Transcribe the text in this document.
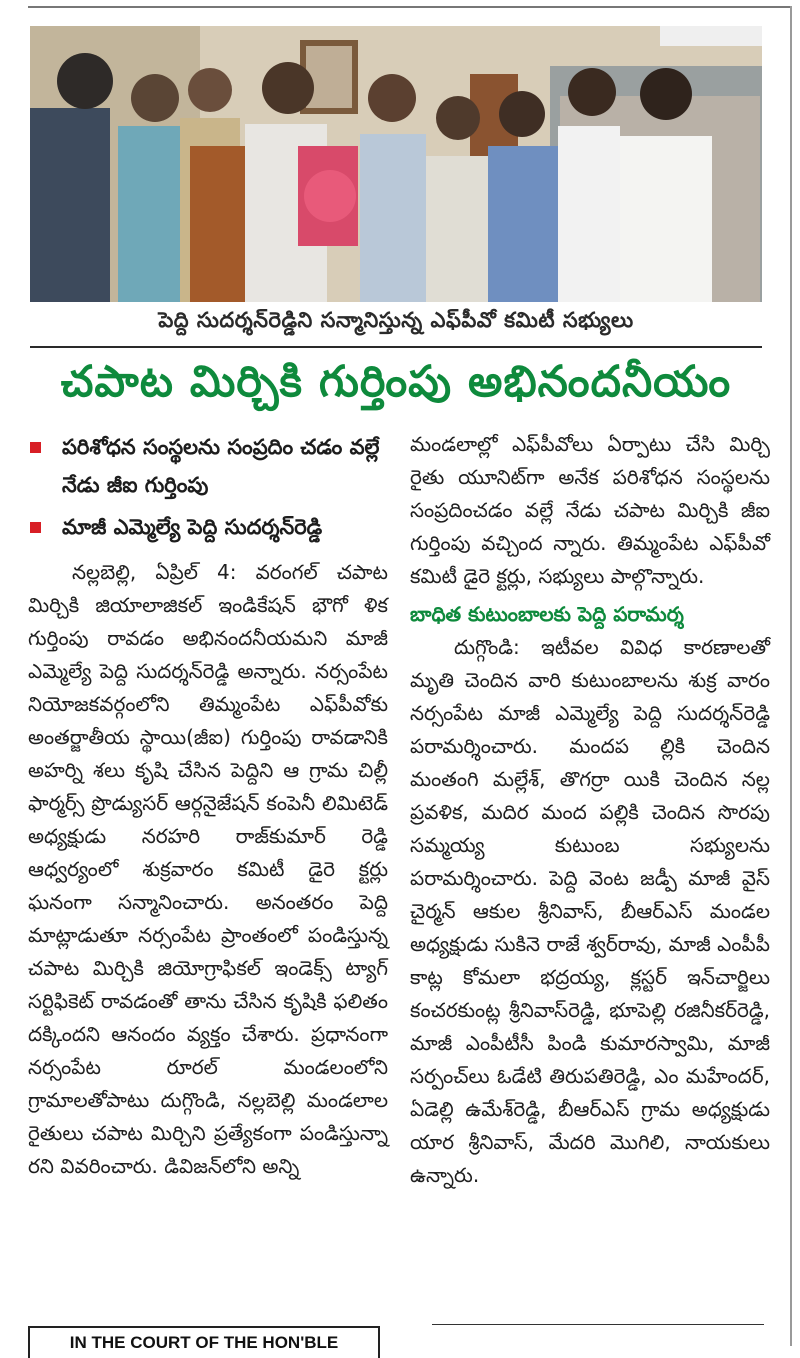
పెద్ది సుదర్శన్‌రెడ్డిని సన్మానిస్తున్న ఎఫ్‌పీవో కమిటీ సభ్యులు
చపాట మిర్చికి గుర్తింపు అభినందనీయం
పరిశోధన సంస్థలను సంప్రదిం చడం వల్లే నేడు జీఐ గుర్తింపు
మాజీ ఎమ్మెల్యే పెద్ది సుదర్శన్‌రెడ్డి

నల్లబెల్లి, ఏప్రిల్ 4: వరంగల్ చపాట మిర్చికి జియాలాజికల్ ఇండికేషన్ భౌగో ళిక గుర్తింపు రావడం అభినందనీయమని మాజీ ఎమ్మెల్యే పెద్ది సుదర్శన్‌రెడ్డి అన్నారు. నర్సంపేట నియోజకవర్గంలోని తిమ్మంపేట ఎఫ్‌పీవోకు అంతర్జాతీయ స్థాయి(జీఐ) గుర్తింపు రావడానికి అహర్ని శలు కృషి చేసిన పెద్దిని ఆ గ్రామ చిల్లీ ఫార్మర్స్ ప్రొడ్యుసర్ ఆర్గనైజేషన్ కంపెనీ లిమిటెడ్ అధ్యక్షుడు నరహరి రాజ్‌కుమార్ రెడ్డి ఆధ్వర్యంలో శుక్రవారం కమిటీ డైరె క్టర్లు ఘనంగా సన్మానించారు. అనంతరం పెద్ది మాట్లాడుతూ నర్సంపేట ప్రాంతంలో పండిస్తున్న చపాట మిర్చికి జియోగ్రాఫికల్ ఇండెక్స్ ట్యాగ్ సర్టిఫికెట్ రావడంతో తాను చేసిన కృషికి ఫలితం దక్కిందని ఆనందం వ్యక్తం చేశారు. ప్రధానంగా నర్సంపేట రూరల్ మండలంలోని గ్రామాలతోపాటు దుగ్గొండి, నల్లబెల్లి మండలాల రైతులు చపాట మిర్చిని ప్రత్యేకంగా పండిస్తున్నా రని వివరించారు. డివిజన్‌లోని అన్ని

మండలాల్లో ఎఫ్‌పీవోలు ఏర్పాటు చేసి మిర్చి రైతు యూనిట్‌గా అనేక పరిశోధన సంస్థలను సంప్రదించడం వల్లే నేడు చపాట మిర్చికి జీఐ గుర్తింపు వచ్చింద న్నారు. తిమ్మంపేట ఎఫ్‌పీవో కమిటీ డైరె క్టర్లు, సభ్యులు పాల్గొన్నారు.

బాధిత కుటుంబాలకు పెద్ది పరామర్శ

దుగ్గొండి: ఇటీవల వివిధ కారణాలతో మృతి చెందిన వారి కుటుంబాలను శుక్ర వారం నర్సంపేట మాజీ ఎమ్మెల్యే పెద్ది సుదర్శన్‌రెడ్డి పరామర్శించారు. మందప ల్లికి చెందిన మంతంగి మల్లేశ్, తొగర్రా యికి చెందిన నల్ల ప్రవళిక, మదిర మంద పల్లికి చెందిన సొరపు సమ్మయ్య కుటుంబ సభ్యులను పరామర్శించారు. పెద్ది వెంట జడ్పీ మాజీ వైస్ చైర్మన్ ఆకుల శ్రీనివాస్, బీఆర్ఎస్ మండల అధ్యక్షుడు సుకినె రాజే శ్వర్‌రావు, మాజీ ఎంపీపీ కాట్ల కోమలా భద్రయ్య, క్లస్టర్ ఇన్‌చార్జిలు కంచరకుంట్ల శ్రీనివాస్‌రెడ్డి, భూపెల్లి రజినీకర్‌రెడ్డి, మాజీ ఎంపీటీసీ పిండి కుమారస్వామి, మాజీ సర్పంచ్‌లు ఓడేటి తిరుపతిరెడ్డి, ఎం మహేందర్, ఏడెల్లి ఉమేశ్‌రెడ్డి, బీఆర్ఎస్ గ్రామ అధ్యక్షుడు యార శ్రీనివాస్, మేదరి మొగిలి, నాయకులు ఉన్నారు.

IN THE COURT OF THE HON'BLE
